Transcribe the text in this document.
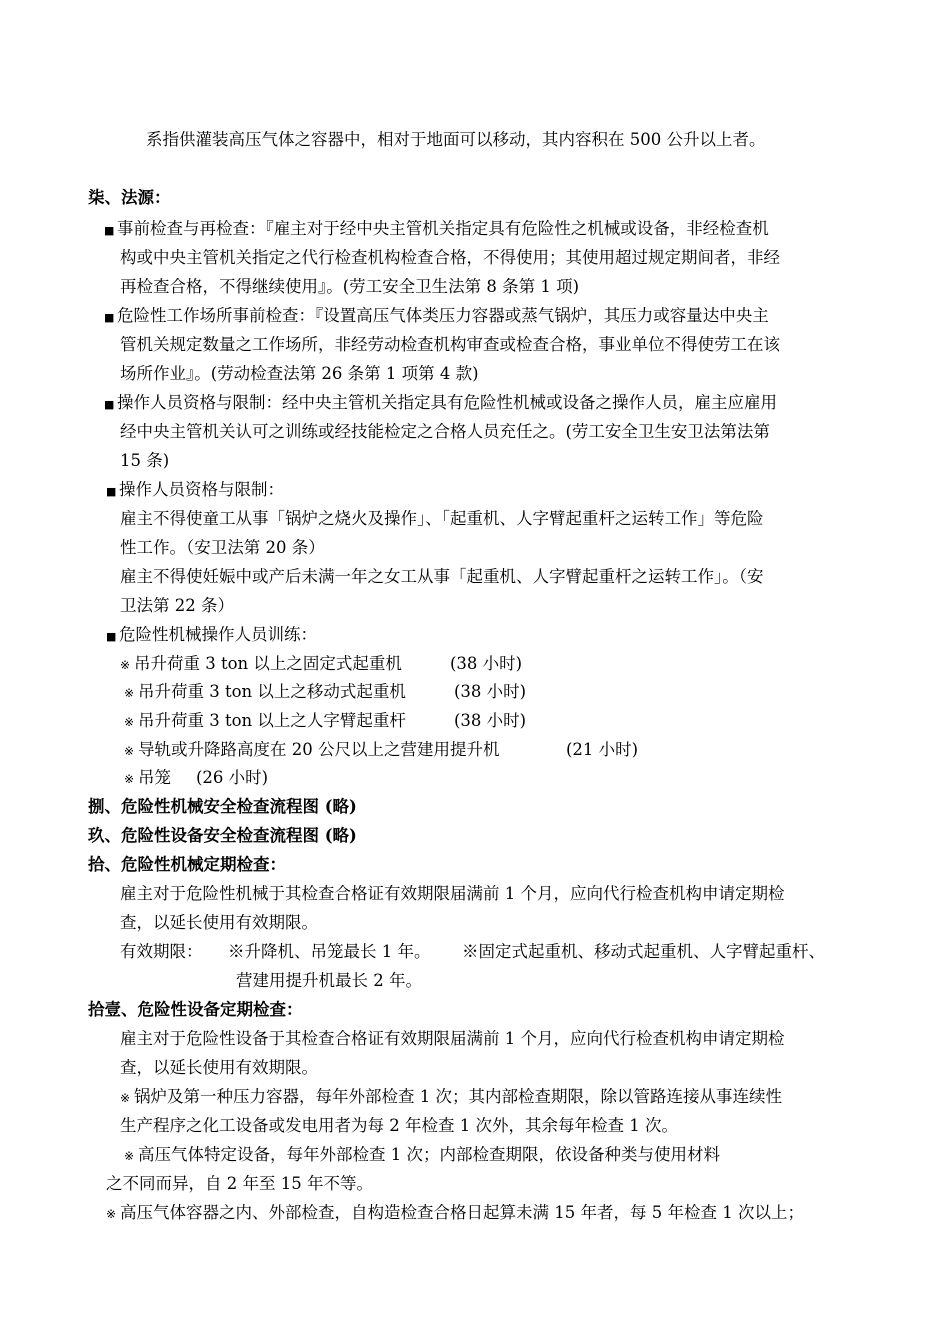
系指供灌装高压气体之容器中，相对于地面可以移动，其内容积在 500 公升以上者。
柒、法源：
■ 事前检查与再检查：『雇主对于经中央主管机关指定具有危险性之机械或设备，非经检查机
构或中央主管机关指定之代行检查机构检查合格，不得使用；其使用超过规定期间者，非经
再检查合格，不得继续使用』。(劳工安全卫生法第 8 条第 1 项)
■ 危险性工作场所事前检查：『设置高压气体类压力容器或蒸气锅炉，其压力或容量达中央主
管机关规定数量之工作场所，非经劳动检查机构审查或检查合格，事业单位不得使劳工在该
场所作业』。(劳动检查法第 26 条第 1 项第 4 款)
■ 操作人员资格与限制：经中央主管机关指定具有危险性机械或设备之操作人员，雇主应雇用
经中央主管机关认可之训练或经技能检定之合格人员充任之。(劳工安全卫生安卫法第法第
15 条)
■ 操作人员资格与限制：
雇主不得使童工从事「锅炉之烧火及操作」、「起重机、人字臂起重杆之运转工作」等危险
性工作。（安卫法第 20 条）
雇主不得使妊娠中或产后未满一年之女工从事「起重机、人字臂起重杆之运转工作」。（安
卫法第 22 条）
■ 危险性机械操作人员训练：
※ 吊升荷重 3 ton 以上之固定式起重机	(38 小时)
※ 吊升荷重 3 ton 以上之移动式起重机	(38 小时)
※ 吊升荷重 3 ton 以上之人字臂起重杆	(38 小时)
※ 导轨或升降路高度在 20 公尺以上之营建用提升机	(21 小时)
※ 吊笼 (26 小时)
捌、危险性机械安全检查流程图 (略)
玖、危险性设备安全检查流程图 (略)
拾、危险性机械定期检查：
雇主对于危险性机械于其检查合格证有效期限届满前 1 个月，应向代行检查机构申请定期检
查，以延长使用有效期限。
有效期限： ※升降机、吊笼最长 1 年。 ※固定式起重机、移动式起重机、人字臂起重杆、
营建用提升机最长 2 年。
拾壹、危险性设备定期检查：
雇主对于危险性设备于其检查合格证有效期限届满前 1 个月，应向代行检查机构申请定期检
查，以延长使用有效期限。
※ 锅炉及第一种压力容器，每年外部检查 1 次；其内部检查期限，除以管路连接从事连续性
生产程序之化工设备或发电用者为每 2 年检查 1 次外，其余每年检查 1 次。
※ 高压气体特定设备，每年外部检查 1 次；内部检查期限，依设备种类与使用材料
之不同而异，自 2 年至 15 年不等。
※ 高压气体容器之内、外部检查，自构造检查合格日起算未满 15 年者，每 5 年检查 1 次以上；
